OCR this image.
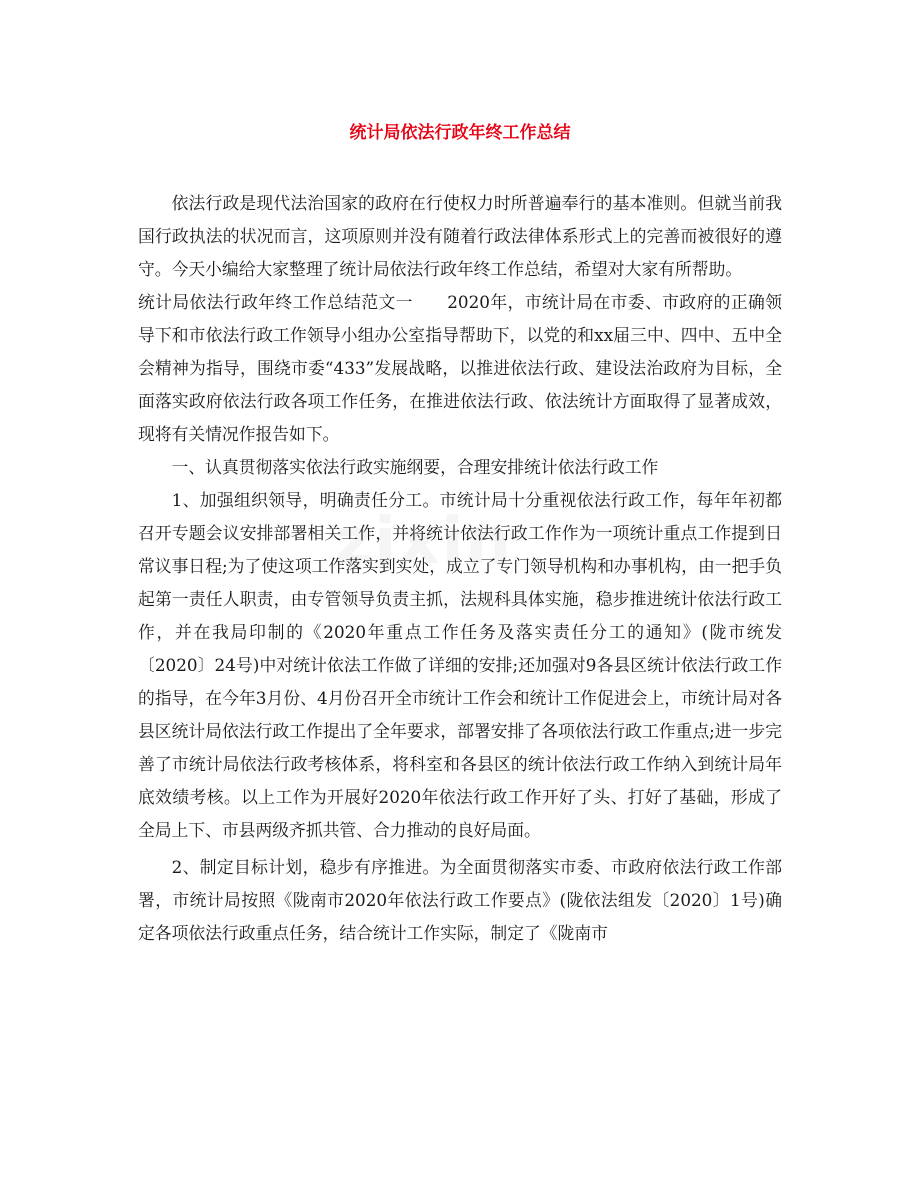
统计局依法行政年终工作总结
zixin

依法行政是现代法治国家的政府在行使权力时所普遍奉行的基本准则。但就当前我国行政执法的状况而言，这项原则并没有随着行政法律体系形式上的完善而被很好的遵守。今天小编给大家整理了统计局依法行政年终工作总结，希望对大家有所帮助。

统计局依法行政年终工作总结范文一　　2020年，市统计局在市委、市政府的正确领导下和市依法行政工作领导小组办公室指导帮助下，以党的和xx届三中、四中、五中全会精神为指导，围绕市委“433”发展战略，以推进依法行政、建设法治政府为目标，全面落实政府依法行政各项工作任务，在推进依法行政、依法统计方面取得了显著成效，现将有关情况作报告如下。

一、认真贯彻落实依法行政实施纲要，合理安排统计依法行政工作

1、加强组织领导，明确责任分工。市统计局十分重视依法行政工作，每年年初都召开专题会议安排部署相关工作，并将统计依法行政工作作为一项统计重点工作提到日常议事日程;为了使这项工作落实到实处，成立了专门领导机构和办事机构，由一把手负起第一责任人职责，由专管领导负责主抓，法规科具体实施，稳步推进统计依法行政工作，并在我局印制的《2020年重点工作任务及落实责任分工的通知》(陇市统发〔2020〕24号)中对统计依法工作做了详细的安排;还加强对9各县区统计依法行政工作的指导，在今年3月份、4月份召开全市统计工作会和统计工作促进会上，市统计局对各县区统计局依法行政工作提出了全年要求，部署安排了各项依法行政工作重点;进一步完善了市统计局依法行政考核体系，将科室和各县区的统计依法行政工作纳入到统计局年底效绩考核。以上工作为开展好2020年依法行政工作开好了头、打好了基础，形成了全局上下、市县两级齐抓共管、合力推动的良好局面。

2、制定目标计划，稳步有序推进。为全面贯彻落实市委、市政府依法行政工作部署，市统计局按照《陇南市2020年依法行政工作要点》(陇依法组发〔2020〕1号)确定各项依法行政重点任务，结合统计工作实际，制定了《陇南市
